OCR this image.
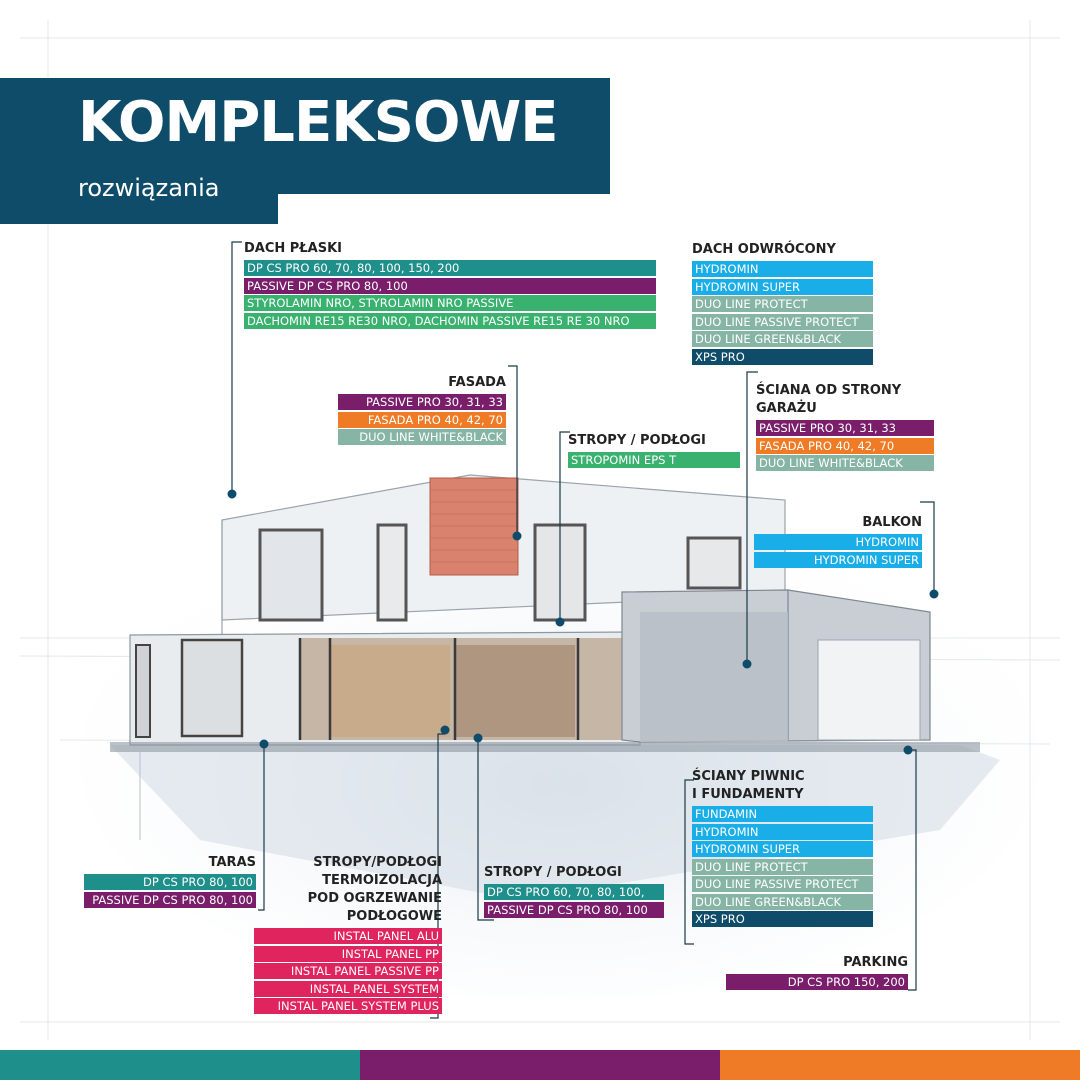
KOMPLEKSOWE
rozwiązania
DACH PŁASKI
DP CS PRO 60, 70, 80, 100, 150, 200
PASSIVE DP CS PRO 80, 100
STYROLAMIN NRO, STYROLAMIN NRO PASSIVE
DACHOMIN RE15 RE30 NRO, DACHOMIN PASSIVE RE15 RE 30 NRO
DACH ODWRÓCONY
HYDROMIN
HYDROMIN SUPER
DUO LINE PROTECT
DUO LINE PASSIVE PROTECT
DUO LINE GREEN&BLACK
XPS PRO
FASADA
PASSIVE PRO 30, 31, 33
FASADA PRO 40, 42, 70
DUO LINE WHITE&BLACK	STROPY / PODŁOGI
STROPOMIN EPS T
ŚCIANA OD STRONY
GARAŻU
PASSIVE PRO 30, 31, 33
FASADA PRO 40, 42, 70
DUO LINE WHITE&BLACK
BALKON
HYDROMIN
HYDROMIN SUPER
ŚCIANY PIWNIC
I FUNDAMENTY
FUNDAMIN
HYDROMIN
HYDROMIN SUPER
DUO LINE PROTECT
DUO LINE PASSIVE PROTECT
DUO LINE GREEN&BLACK
XPS PRO
TARAS
DP CS PRO 80, 100
PASSIVE DP CS PRO 80, 100
STROPY/PODŁOGI
TERMOIZOLACJA
POD OGRZEWANIE
PODŁOGOWE
INSTAL PANEL ALU
INSTAL PANEL PP
INSTAL PANEL PASSIVE PP
INSTAL PANEL SYSTEM
INSTAL PANEL SYSTEM PLUS
STROPY / PODŁOGI
DP CS PRO 60, 70, 80, 100,
PASSIVE DP CS PRO 80, 100
PARKING
DP CS PRO 150, 200
